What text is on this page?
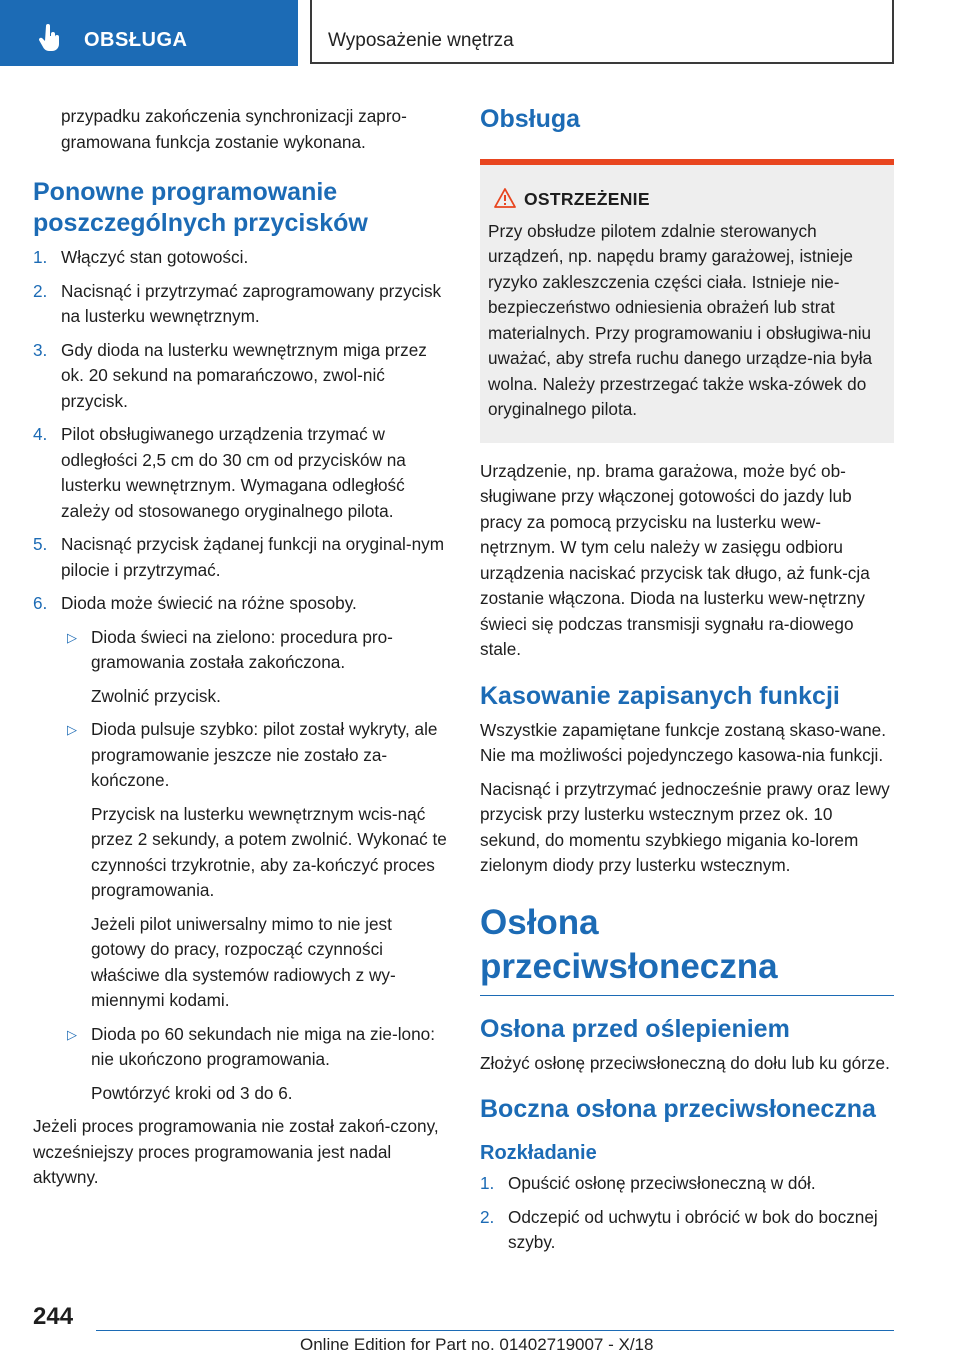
OBSŁUGA	Wyposażenie wnętrza

przypadku zakończenia synchronizacji zapro-gramowana funkcja zostanie wykonana.

Ponowne programowanie poszczególnych przycisków
1. Włączyć stan gotowości.
2. Nacisnąć i przytrzymać zaprogramowany przycisk na lusterku wewnętrznym.
3. Gdy dioda na lusterku wewnętrznym miga przez ok. 20 sekund na pomarańczowo, zwol-nić przycisk.
4. Pilot obsługiwanego urządzenia trzymać w odległości 2,5 cm do 30 cm od przycisków na lusterku wewnętrznym. Wymagana odległość zależy od stosowanego oryginalnego pilota.
5. Nacisnąć przycisk żądanej funkcji na oryginal-nym pilocie i przytrzymać.
6. Dioda może świecić na różne sposoby.
▷ Dioda świeci na zielono: procedura pro-gramowania została zakończona.
Zwolnić przycisk.
▷ Dioda pulsuje szybko: pilot został wykryty, ale programowanie jeszcze nie zostało za-kończone.
Przycisk na lusterku wewnętrznym wcis-nąć przez 2 sekundy, a potem zwolnić. Wykonać te czynności trzykrotnie, aby za-kończyć proces programowania.
Jeżeli pilot uniwersalny mimo to nie jest gotowy do pracy, rozpocząć czynności właściwe dla systemów radiowych z wy-miennymi kodami.
▷ Dioda po 60 sekundach nie miga na zie-lono: nie ukończono programowania.
Powtórzyć kroki od 3 do 6.

Jeżeli proces programowania nie został zakoń-czony, wcześniejszy proces programowania jest nadal aktywny.

Obsługa
OSTRZEŻENIE
Przy obsłudze pilotem zdalnie sterowanych urządzeń, np. napędu bramy garażowej, istnieje ryzyko zakleszczenia części ciała. Istnieje nie-bezpieczeństwo odniesienia obrażeń lub strat materialnych. Przy programowaniu i obsługiwa-niu uważać, aby strefa ruchu danego urządze-nia była wolna. Należy przestrzegać także wska-zówek do oryginalnego pilota.

Urządzenie, np. brama garażowa, może być ob-sługiwane przy włączonej gotowości do jazdy lub pracy za pomocą przycisku na lusterku wew-nętrznym. W tym celu należy w zasięgu odbioru urządzenia naciskać przycisk tak długo, aż funk-cja zostanie włączona. Dioda na lusterku wew-nętrzny świeci się podczas transmisji sygnału ra-diowego stale.

Kasowanie zapisanych funkcji

Wszystkie zapamiętane funkcje zostaną skaso-wane. Nie ma możliwości pojedynczego kasowa-nia funkcji.

Nacisnąć i przytrzymać jednocześnie prawy oraz lewy przycisk przy lusterku wstecznym przez ok. 10 sekund, do momentu szybkiego migania ko-lorem zielonym diody przy lusterku wstecznym.

Osłona przeciwsłoneczna
Osłona przed oślepieniem

Złożyć osłonę przeciwsłoneczną do dołu lub ku górze.

Boczna osłona przeciwsłoneczna
Rozkładanie
1. Opuścić osłonę przeciwsłoneczną w dół.
2. Odczepić od uchwytu i obrócić w bok do bocznej szyby.
244
Online Edition for Part no. 01402719007 - X/18
